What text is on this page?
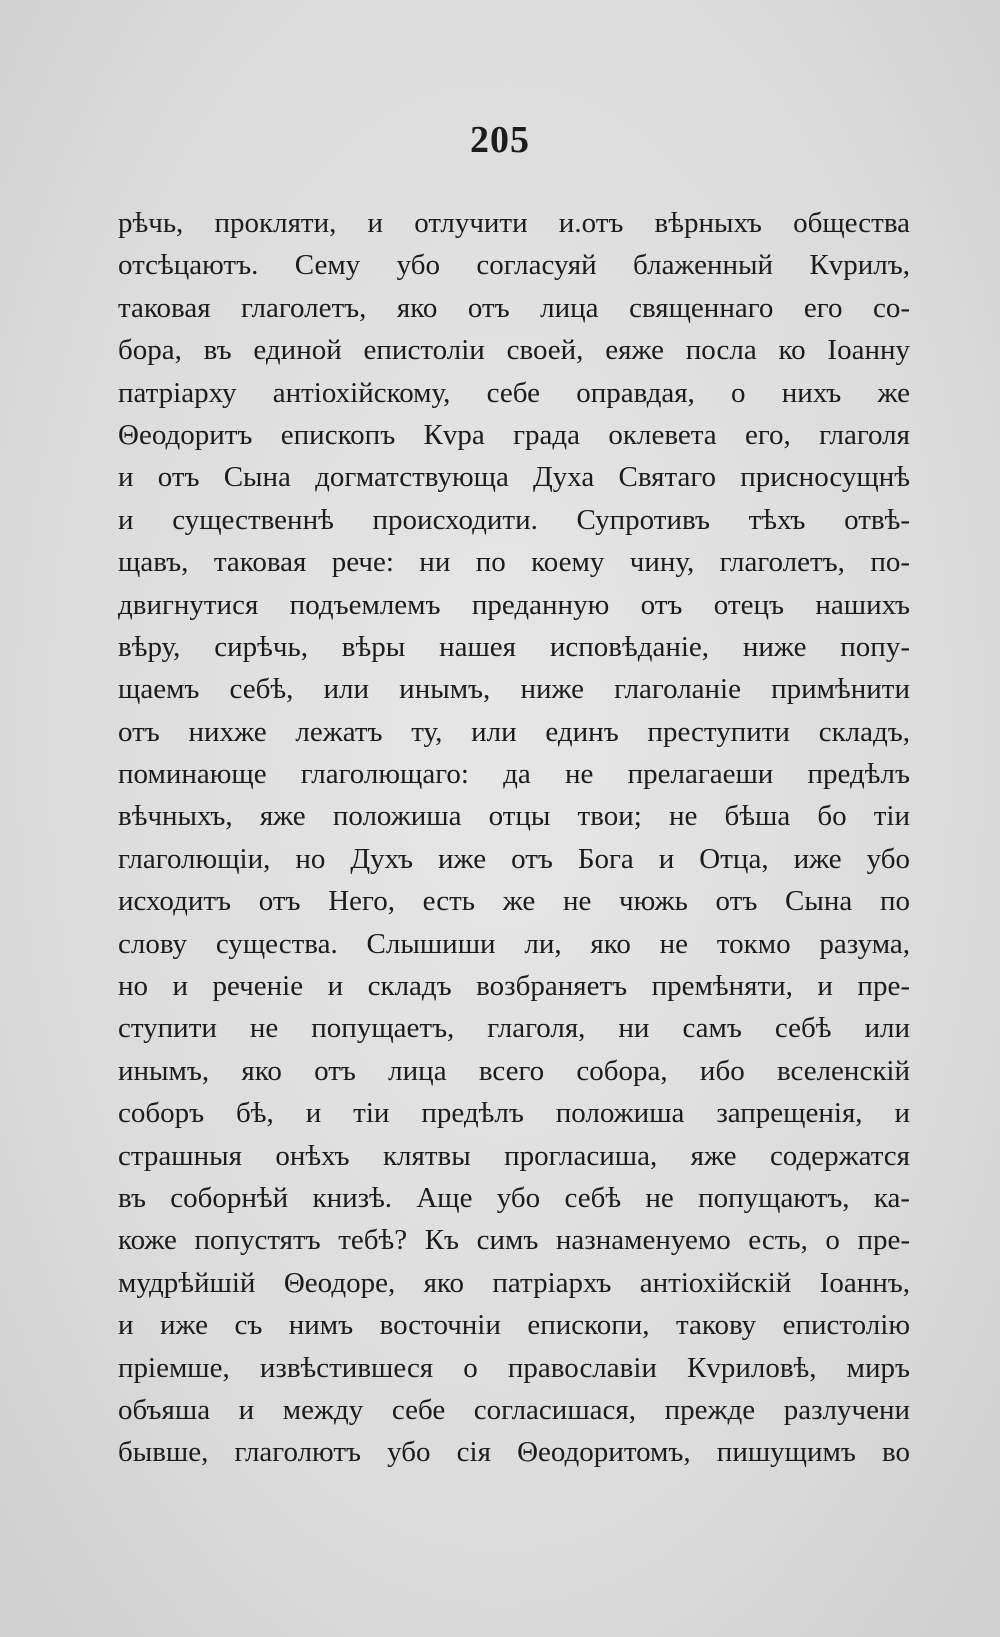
205
рѣчь, прокляти, и отлучити и.отъ вѣрныхъ общества
отсѣцаютъ. Сему убо согласуяй блаженный Кvрилъ,
таковая глаголетъ, яко отъ лица священнаго его со-
бора, въ единой епистоліи своей, еяже посла ко Іоанну
патріарху антіохійскому, себе оправдая, о нихъ же
Θеодоритъ епископъ Кvра града оклевета его, глаголя
и отъ Сына догматствующа Духа Святаго присносущнѣ
и существеннѣ происходити. Супротивъ тѣхъ отвѣ-
щавъ, таковая рече: ни по коему чину, глаголетъ, по-
двигнутися подъемлемъ преданную отъ отецъ нашихъ
вѣру, сирѣчь, вѣры нашея исповѣданіе, ниже попу-
щаемъ себѣ, или инымъ, ниже глаголаніе примѣнити
отъ нихже лежатъ ту, или единъ преступити складъ,
поминающе глаголющаго: да не прелагаеши предѣлъ
вѣчныхъ, яже положиша отцы твои; не бѣша бо тіи
глаголющіи, но Духъ иже отъ Бога и Отца, иже убо
исходитъ отъ Него, есть же не чюжь отъ Сына по
слову существа. Слышиши ли, яко не токмо разума,
но и реченіе и складъ возбраняетъ премѣняти, и пре-
ступити не попущаетъ, глаголя, ни самъ себѣ или
инымъ, яко отъ лица всего собора, ибо вселенскій
соборъ бѣ, и тіи предѣлъ положиша запрещенія, и
страшныя онѣхъ клятвы прогласиша, яже содержатся
въ соборнѣй книзѣ. Аще убо себѣ не попущаютъ, ка-
коже попустятъ тебѣ? Къ симъ назнаменуемо есть, о пре-
мудрѣйшій Θеодоре, яко патріархъ антіохійскій Іоаннъ,
и иже съ нимъ восточніи епископи, такову епистолію
пріемше, извѣстившеся о православіи Кvриловѣ, миръ
объяша и между себе согласишася, прежде разлучени
бывше, глаголютъ убо сія Θеодоритомъ, пишущимъ во
